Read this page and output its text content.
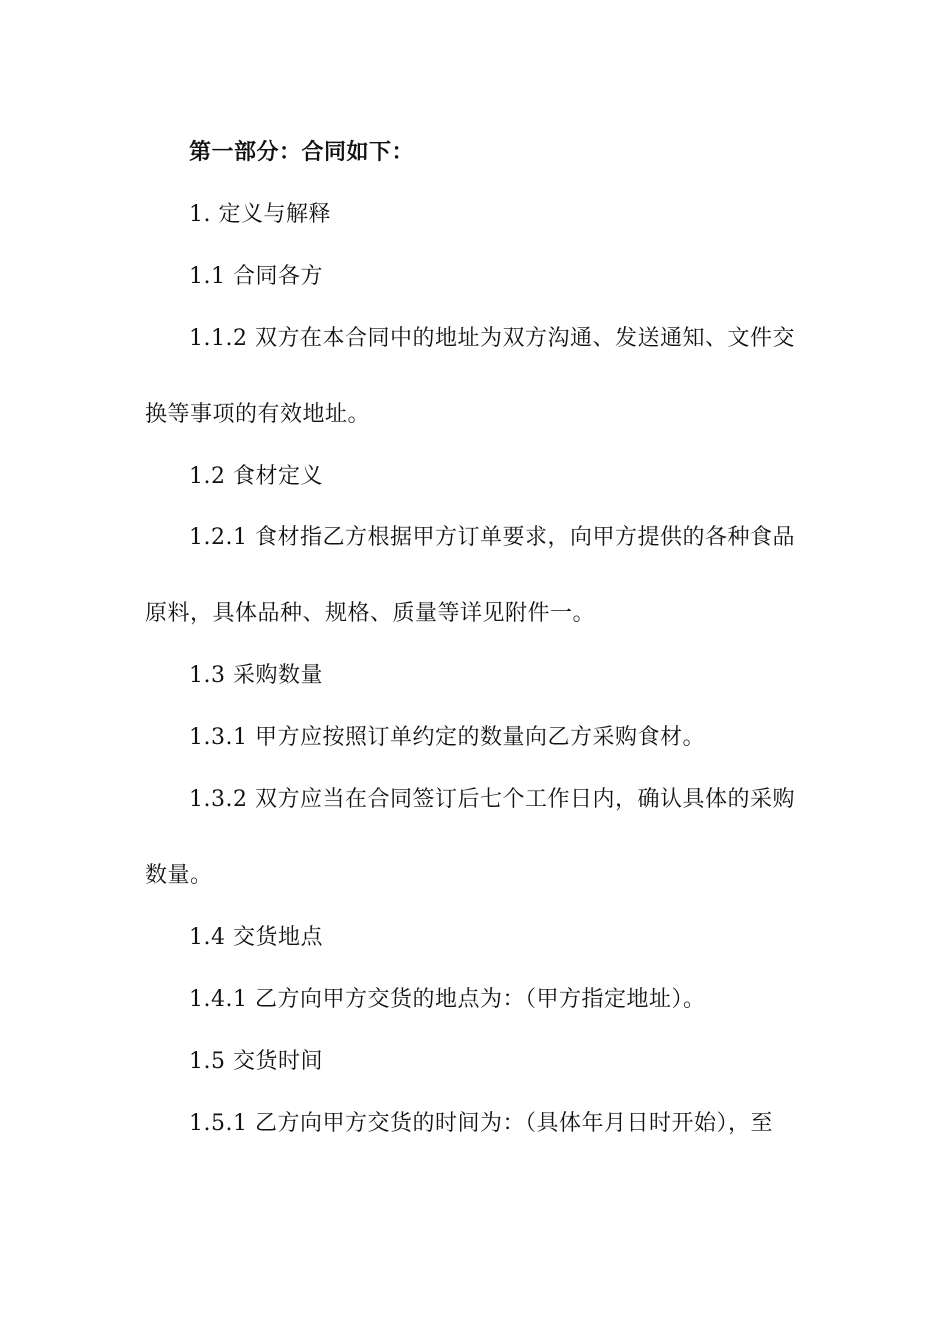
第一部分：合同如下：
1. 定义与解释
1.1 合同各方
1.1.2 双方在本合同中的地址为双方沟通、发送通知、文件交
换等事项的有效地址。
1.2 食材定义
1.2.1 食材指乙方根据甲方订单要求，向甲方提供的各种食品
原料，具体品种、规格、质量等详见附件一。
1.3 采购数量
1.3.1 甲方应按照订单约定的数量向乙方采购食材。
1.3.2 双方应当在合同签订后七个工作日内，确认具体的采购
数量。
1.4 交货地点
1.4.1 乙方向甲方交货的地点为：（甲方指定地址）。
1.5 交货时间
1.5.1 乙方向甲方交货的时间为：（具体年月日时开始），至
